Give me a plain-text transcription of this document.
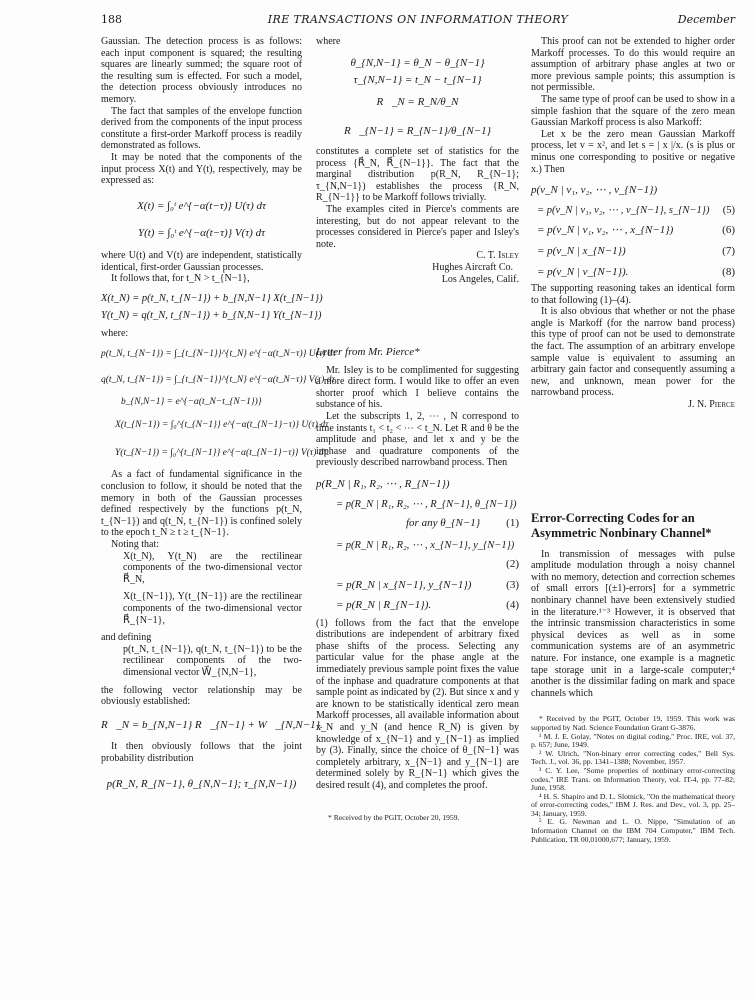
188	IRE TRANSACTIONS ON INFORMATION THEORY	December

Gaussian. The detection process is as follows: each input component is squared; the resulting squares are linearly summed; the square root of the resulting sum is effected. For such a model, the detection process obviously introduces no memory.

The fact that samples of the envelope function derived from the components of the input process constitute a first-order Markoff process is readily demonstrated as follows.

It may be noted that the components of the input process X(t) and Y(t), respectively, may be expressed as:

X(t) = ∫₀ᵗ e^{−α(t−τ)} U(τ) dτ

Y(t) = ∫₀ᵗ e^{−α(t−τ)} V(τ) dτ

where U(t) and V(t) are independent, statistically identical, first-order Gaussian processes.

It follows that, for t_N > t_{N−1},

X(t_N) = p(t_N, t_{N−1}) + b_{N,N−1} X(t_{N−1})

Y(t_N) = q(t_N, t_{N−1}) + b_{N,N−1} Y(t_{N−1})

where:

p(t_N, t_{N−1}) = ∫_{t_{N−1}}^{t_N} e^{−α(t_N−τ)} U(τ) dτ

q(t_N, t_{N−1}) = ∫_{t_{N−1}}^{t_N} e^{−α(t_N−τ)} V(τ) dτ

b_{N,N−1} = e^{−α(t_N−t_{N−1})}

X(t_{N−1}) = ∫₀^{t_{N−1}} e^{−α(t_{N−1}−τ)} U(τ) dτ

Y(t_{N−1}) = ∫₀^{t_{N−1}} e^{−α(t_{N−1}−τ)} V(τ) dτ.

As a fact of fundamental significance in the conclusion to follow, it should be noted that the memory in both of the Gaussian processes defined respectively by the functions p(t_N, t_{N−1}) and q(t_N, t_{N−1}) is confined solely to the epoch t_N ≥ t ≥ t_{N−1}.

Noting that:

X(t_N), Y(t_N) are the rectilinear components of the two-dimensional vector R⃗_N,

X(t_{N−1}), Y(t_{N−1}) are the rectilinear components of the two-dimensional vector R⃗_{N−1},

and defining

p(t_N, t_{N−1}), q(t_N, t_{N−1}) to be the rectilinear components of the two-dimensional vector W⃗_{N,N−1},

the following vector relationship may be obviously established:

R⃗_N = b_{N,N−1} R⃗_{N−1} + W⃗_{N,N−1}.

It then obviously follows that the joint probability distribution

p(R_N, R_{N−1}, θ_{N,N−1}; τ_{N,N−1})

where

θ_{N,N−1} = θ_N − θ_{N−1}

τ_{N,N−1} = t_N − t_{N−1}

R⃗_N = R_N/θ_N

R⃗_{N−1} = R_{N−1}/θ_{N−1}

constitutes a complete set of statistics for the process {R⃗_N, R⃗_{N−1}}. The fact that the marginal distribution p(R_N, R_{N−1}; τ_{N,N−1}) establishes the process {R_N, R_{N−1}} to be Markoff follows trivially.

The examples cited in Pierce's comments are interesting, but do not appear relevant to the processes considered in Pierce's paper and Isley's note.

C. T. Isley

Hughes Aircraft Co.

Los Angeles, Calif.

Letter from Mr. Pierce*

Mr. Isley is to be complimented for suggesting a more direct form. I would like to offer an even shorter proof which I believe contains the substance of his.

Let the subscripts 1, 2, ⋯ , N correspond to time instants t₁ < t₂ < ⋯ < t_N. Let R and θ be the amplitude and phase, and let x and y be the inphase and quadrature components of the previously described narrowband process. Then

p(R_N | R₁, R₂, ⋯ , R_{N−1})

= p(R_N | R₁, R₂, ⋯ , R_{N−1}, θ_{N−1})

for any θ_{N−1} (1)

= p(R_N | R₁, R₂, ⋯ , x_{N−1}, y_{N−1})

(2)

= p(R_N | x_{N−1}, y_{N−1})	(3)

= p(R_N | R_{N−1}).	(4)

(1) follows from the fact that the envelope distributions are independent of arbitrary fixed phase shifts of the process. Selecting any particular value for the phase angle at the immediately previous sample point fixes the value of the inphase and quadrature components at that sample point as indicated by (2). But since x and y are known to be statistically identical zero mean Markoff processes, all available information about x_N and y_N (and hence R_N) is given by knowledge of x_{N−1} and y_{N−1} as implied by (3). Finally, since the choice of θ_{N−1} was completely arbitrary, x_{N−1} and y_{N−1} are determined solely by R_{N−1} which gives the desired result (4), and completes the proof.

* Received by the PGIT, October 20, 1959.

This proof can not be extended to higher order Markoff processes. To do this would require an assumption of arbitrary phase angles at two or more previous sample points; this assumption is not permissible.

The same type of proof can be used to show in a simple fashion that the square of the zero mean Gaussian Markoff process is also Markoff:

Let x be the zero mean Gaussian Markoff process, let v = x², and let s = | x |/x. (s is plus or minus one corresponding to positive or negative x.) Then

p(v_N | v₁, v₂, ⋯ , v_{N−1})

= p(v_N | v₁, v₂, ⋯ , v_{N−1}, s_{N−1}) (5)

= p(v_N | v₁, v₂, ⋯ , x_{N−1})	(6)

= p(v_N | x_{N−1})	(7)

= p(v_N | v_{N−1}).	(8)

The supporting reasoning takes an identical form to that following (1)–(4).

It is also obvious that whether or not the phase angle is Markoff (for the narrow band process) this type of proof can not be used to demonstrate the fact. The assumption of an arbitrary envelope sample value is equivalent to assuming an arbitrary gain factor and consequently assuming a new, and unknown, mean power for the narrowband process.

J. N. Pierce

Error-Correcting Codes for an Asymmetric Nonbinary Channel*

In transmission of messages with pulse amplitude modulation through a noisy channel with no memory, detection and correction schemes of small errors [(±1)-errors] for a symmetric nonbinary channel have been extensively studied in the literature.¹⁻³ However, it is observed that the intrinsic transmission characteristics in some physical devices as well as in some communication systems are of an asymmetric nature. For instance, one example is a magnetic tape storage unit in a large-scale computer;⁴ another is the dissimilar fading on mark and space channels which

* Received by the PGIT, October 19, 1959. This work was supported by Natl. Science Foundation Grant G-3876.

¹ M. J. E. Golay, "Notes on digital coding," Proc. IRE, vol. 37, p. 657; June, 1949.

² W. Ulrich, "Non-binary error correcting codes," Bell Sys. Tech. J., vol. 36, pp. 1341–1388; November, 1957.

³ C. Y. Lee, "Some properties of nonbinary error-correcting codes," IRE Trans. on Information Theory, vol. IT-4, pp. 77–82; June, 1958.

⁴ H. S. Shapiro and D. L. Slotnick, "On the mathematical theory of error-correcting codes," IBM J. Res. and Dev., vol. 3, pp. 25–34; January, 1959.

⁵ E. G. Newman and L. O. Nippe, "Simulation of an Information Channel on the IBM 704 Computer," IBM Tech. Publication, TR 00,01000,677; January, 1959.
